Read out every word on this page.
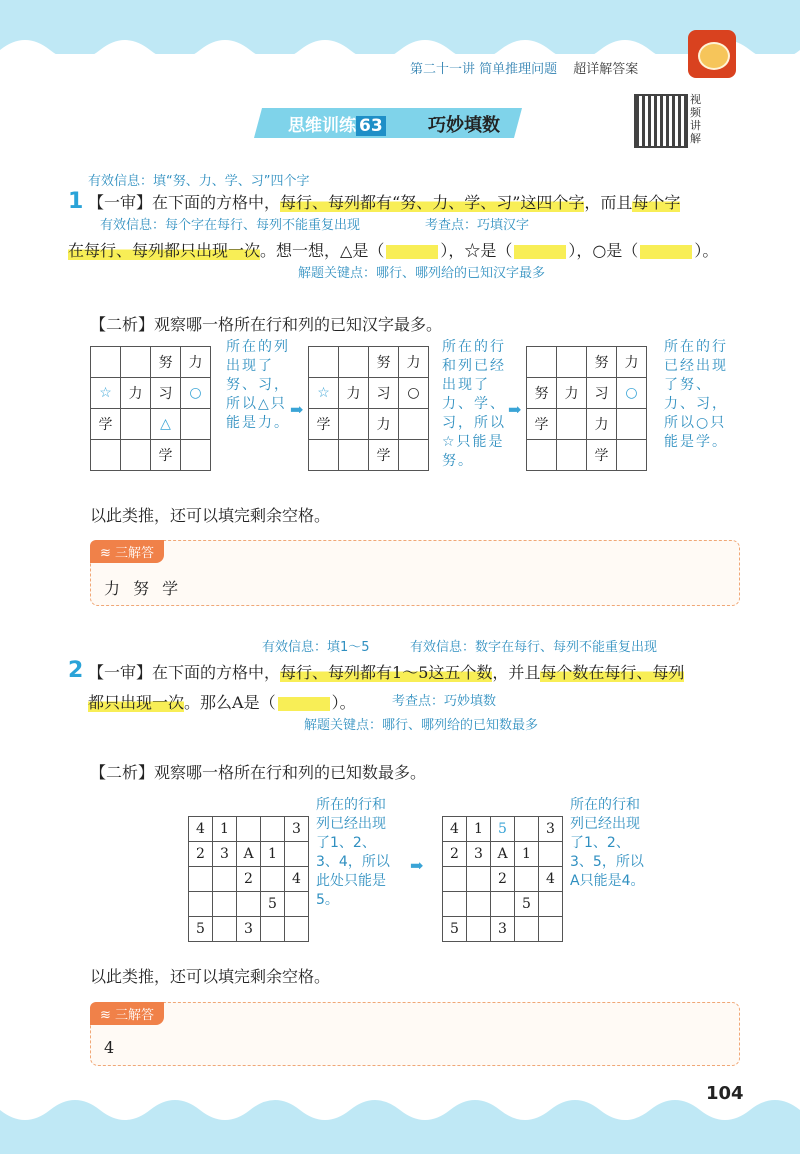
第二十一讲 简单推理问题 超详解答案
思维训练 63	巧妙填数
视
频
讲
解
有效信息：填“努、力、学、习”四个字
1 【一审】在下面的方格中，每行、每列都有“努、力、学、习”这四个字，而且每个字
有效信息：每个字在每行、每列不能重复出现	考查点：巧填汉字
在每行、每列都只出现一次。想一想，△是（	），☆是（	），○是（	）。
解题关键点：哪行、哪列给的已知汉字最多
【二析】观察哪一格所在行和列的已知汉字最多。
		努	力
☆	力	习	○
学		△	
		学	
所在的列出现了努、习，所以△只能是力。
➡
		努	力
☆	力	习	○
学		力	
		学	
所在的行和列已经出现了力、学、习，所以☆只能是努。
➡
		努	力
努	力	习	○
学		力	
		学	
所在的行已经出现了努、力、习，所以○只能是学。
以此类推，还可以填完剩余空格。
≋ 三解答
力 努 学
有效信息：填1～5	有效信息：数字在每行、每列不能重复出现
2 【一审】在下面的方格中，每行、每列都有1～5这五个数，并且每个数在每行、每列
都只出现一次。那么A是（	）。	考查点：巧妙填数
解题关键点：哪行、哪列给的已知数最多
【二析】观察哪一格所在行和列的已知数最多。
4	1			3
2	3	A	1	
		2		4
			5	
5		3		
所在的行和列已经出现了1、2、3、4，所以此处只能是5。
➡
4	1	5		3
2	3	A	1	
		2		4
			5	
5		3		
所在的行和列已经出现了1、2、3、5，所以A只能是4。
以此类推，还可以填完剩余空格。
≋ 三解答
4
104
